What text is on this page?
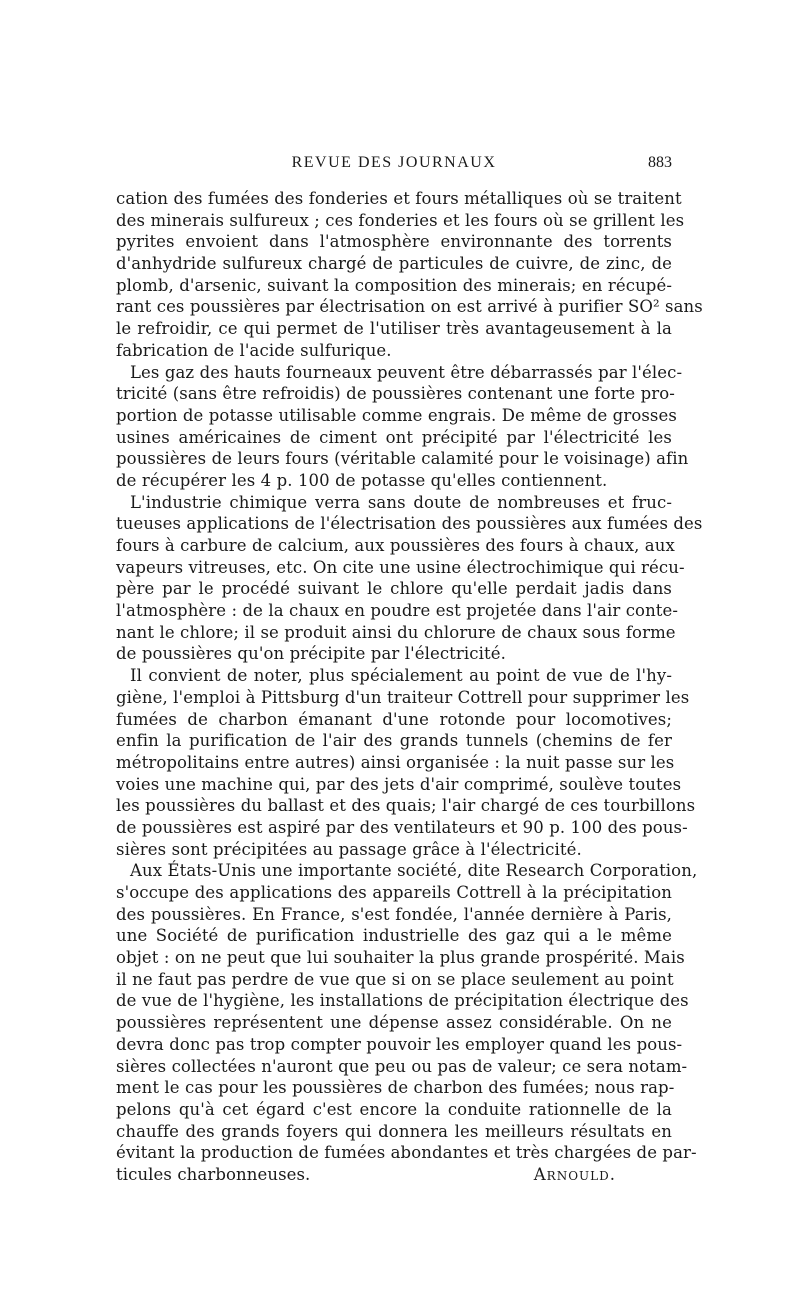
REVUE DES JOURNAUX	883
cation des fumées des fonderies et fours métalliques où se traitent
des minerais sulfureux ; ces fonderies et les fours où se grillent les
pyrites envoient dans l'atmosphère environnante des torrents
d'anhydride sulfureux chargé de particules de cuivre, de zinc, de
plomb, d'arsenic, suivant la composition des minerais; en récupé-
rant ces poussières par électrisation on est arrivé à purifier SO² sans
le refroidir, ce qui permet de l'utiliser très avantageusement à la
fabrication de l'acide sulfurique.
Les gaz des hauts fourneaux peuvent être débarrassés par l'élec-
tricité (sans être refroidis) de poussières contenant une forte pro-
portion de potasse utilisable comme engrais. De même de grosses
usines américaines de ciment ont précipité par l'électricité les
poussières de leurs fours (véritable calamité pour le voisinage) afin
de récupérer les 4 p. 100 de potasse qu'elles contiennent.
L'industrie chimique verra sans doute de nombreuses et fruc-
tueuses applications de l'électrisation des poussières aux fumées des
fours à carbure de calcium, aux poussières des fours à chaux, aux
vapeurs vitreuses, etc. On cite une usine électrochimique qui récu-
père par le procédé suivant le chlore qu'elle perdait jadis dans
l'atmosphère : de la chaux en poudre est projetée dans l'air conte-
nant le chlore; il se produit ainsi du chlorure de chaux sous forme
de poussières qu'on précipite par l'électricité.
Il convient de noter, plus spécialement au point de vue de l'hy-
giène, l'emploi à Pittsburg d'un traiteur Cottrell pour supprimer les
fumées de charbon émanant d'une rotonde pour locomotives;
enfin la purification de l'air des grands tunnels (chemins de fer
métropolitains entre autres) ainsi organisée : la nuit passe sur les
voies une machine qui, par des jets d'air comprimé, soulève toutes
les poussières du ballast et des quais; l'air chargé de ces tourbillons
de poussières est aspiré par des ventilateurs et 90 p. 100 des pous-
sières sont précipitées au passage grâce à l'électricité.
Aux États-Unis une importante société, dite Research Corporation,
s'occupe des applications des appareils Cottrell à la précipitation
des poussières. En France, s'est fondée, l'année dernière à Paris,
une Société de purification industrielle des gaz qui a le même
objet : on ne peut que lui souhaiter la plus grande prospérité. Mais
il ne faut pas perdre de vue que si on se place seulement au point
de vue de l'hygiène, les installations de précipitation électrique des
poussières représentent une dépense assez considérable. On ne
devra donc pas trop compter pouvoir les employer quand les pous-
sières collectées n'auront que peu ou pas de valeur; ce sera notam-
ment le cas pour les poussières de charbon des fumées; nous rap-
pelons qu'à cet égard c'est encore la conduite rationnelle de la
chauffe des grands foyers qui donnera les meilleurs résultats en
évitant la production de fumées abondantes et très chargées de par-
ticules charbonneuses.	Arnould.
